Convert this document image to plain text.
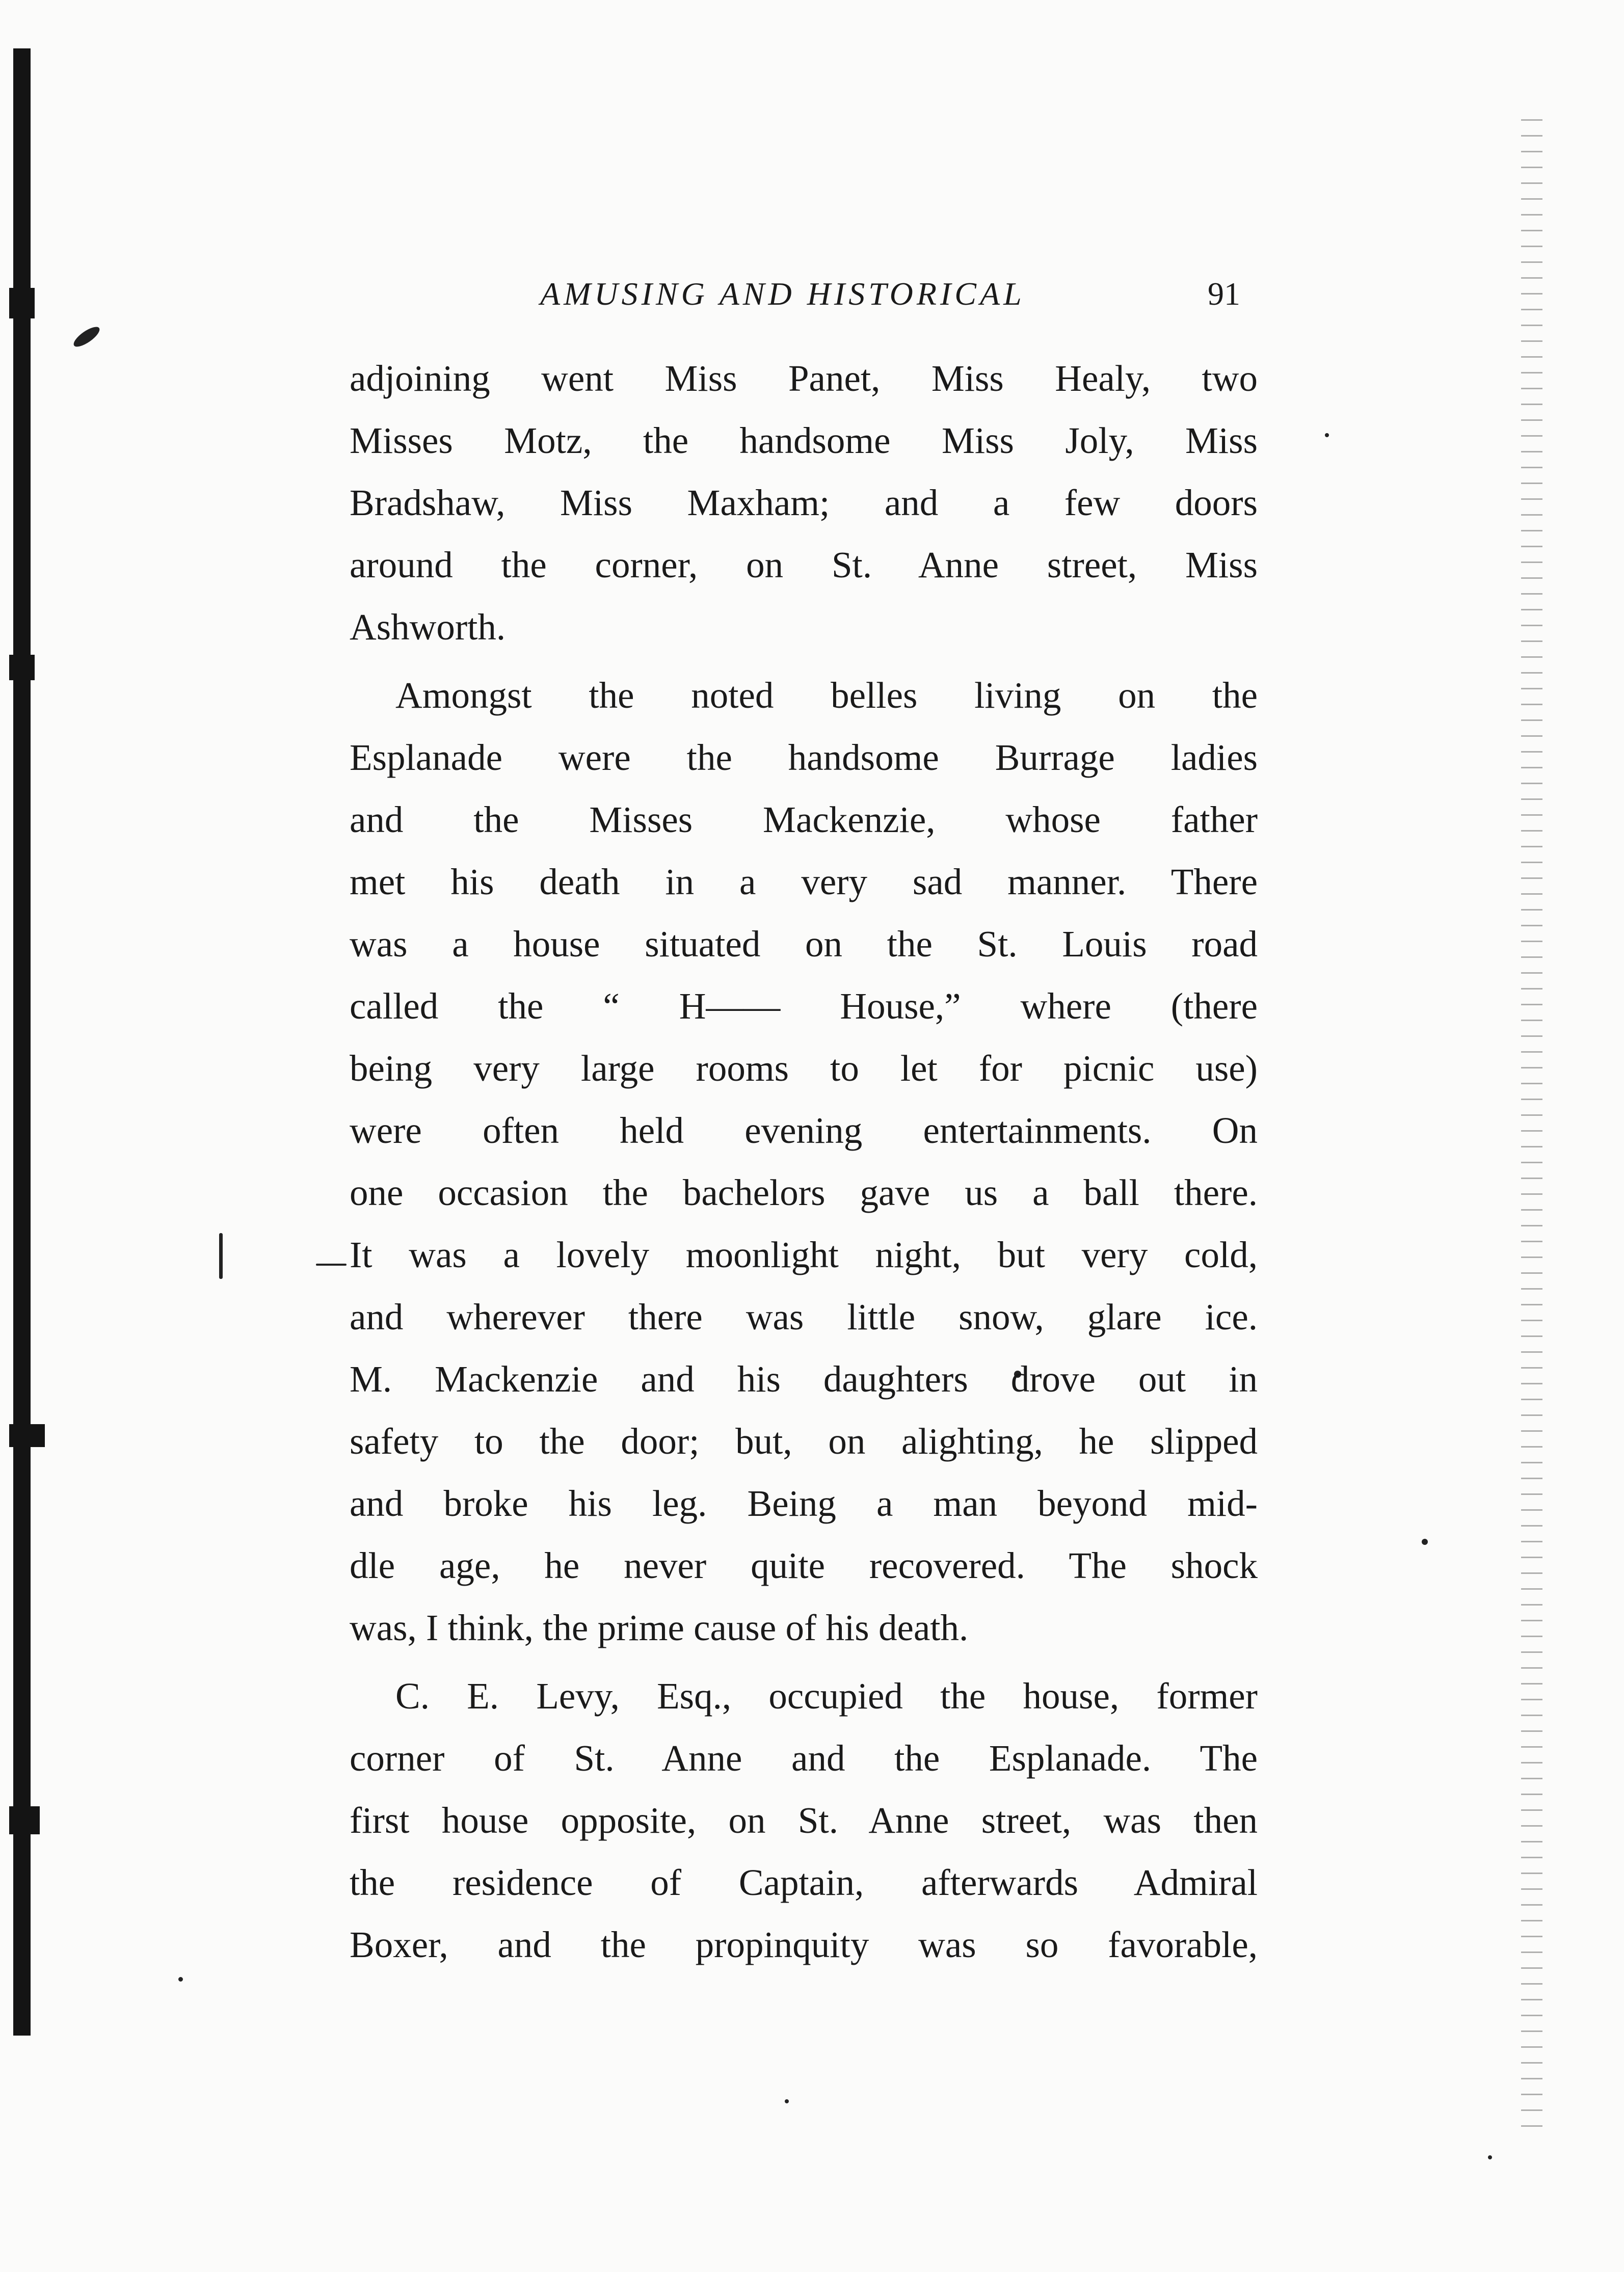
AMUSING AND HISTORICAL	91
adjoining went Miss Panet, Miss Healy, two
Misses Motz, the handsome Miss Joly, Miss
Bradshaw, Miss Maxham; and a few doors
around the corner, on St. Anne street, Miss
Ashworth.
Amongst the noted belles living on the
Esplanade were the handsome Burrage ladies
and the Misses Mackenzie, whose father
met his death in a very sad manner. There
was a house situated on the St. Louis road
called the “ H—— House,” where (there
being very large rooms to let for picnic use)
were often held evening entertainments. On
one occasion the bachelors gave us a ball there.
It was a lovely moonlight night, but very cold,
and wherever there was little snow, glare ice.
M. Mackenzie and his daughters drove out in
safety to the door; but, on alighting, he slipped
and broke his leg. Being a man beyond mid-
dle age, he never quite recovered. The shock
was, I think, the prime cause of his death.
C. E. Levy, Esq., occupied the house, former
corner of St. Anne and the Esplanade. The
first house opposite, on St. Anne street, was then
the residence of Captain, afterwards Admiral
Boxer, and the propinquity was so favorable,
